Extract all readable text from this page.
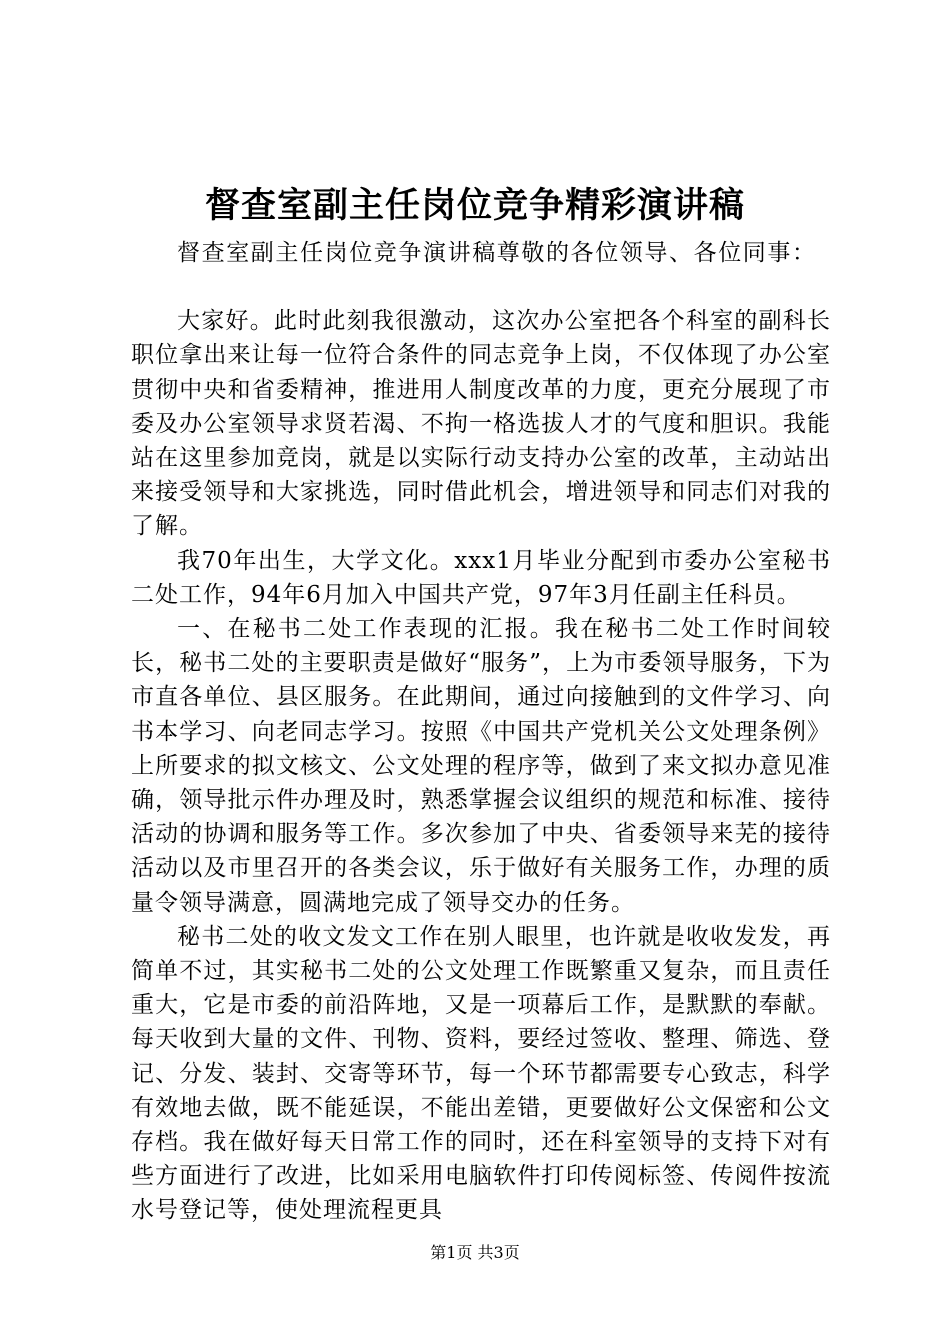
督查室副主任岗位竞争精彩演讲稿

督查室副主任岗位竞争演讲稿尊敬的各位领导、各位同事：

大家好。此时此刻我很激动，这次办公室把各个科室的副科长职位拿出来让每一位符合条件的同志竞争上岗，不仅体现了办公室贯彻中央和省委精神，推进用人制度改革的力度，更充分展现了市委及办公室领导求贤若渴、不拘一格选拔人才的气度和胆识。我能站在这里参加竞岗，就是以实际行动支持办公室的改革，主动站出来接受领导和大家挑选，同时借此机会，增进领导和同志们对我的了解。

我70年出生，大学文化。xxx1月毕业分配到市委办公室秘书二处工作，94年6月加入中国共产党，97年3月任副主任科员。

一、在秘书二处工作表现的汇报。我在秘书二处工作时间较长，秘书二处的主要职责是做好“服务”，上为市委领导服务，下为市直各单位、县区服务。在此期间，通过向接触到的文件学习、向书本学习、向老同志学习。按照《中国共产党机关公文处理条例》上所要求的拟文核文、公文处理的程序等，做到了来文拟办意见准确，领导批示件办理及时，熟悉掌握会议组织的规范和标准、接待活动的协调和服务等工作。多次参加了中央、省委领导来芜的接待活动以及市里召开的各类会议，乐于做好有关服务工作，办理的质量令领导满意，圆满地完成了领导交办的任务。

秘书二处的收文发文工作在别人眼里，也许就是收收发发，再简单不过，其实秘书二处的公文处理工作既繁重又复杂，而且责任重大，它是市委的前沿阵地，又是一项幕后工作，是默默的奉献。每天收到大量的文件、刊物、资料，要经过签收、整理、筛选、登记、分发、装封、交寄等环节，每一个环节都需要专心致志，科学有效地去做，既不能延误，不能出差错，更要做好公文保密和公文存档。我在做好每天日常工作的同时，还在科室领导的支持下对有些方面进行了改进，比如采用电脑软件打印传阅标签、传阅件按流水号登记等，使处理流程更具

第1页 共3页
